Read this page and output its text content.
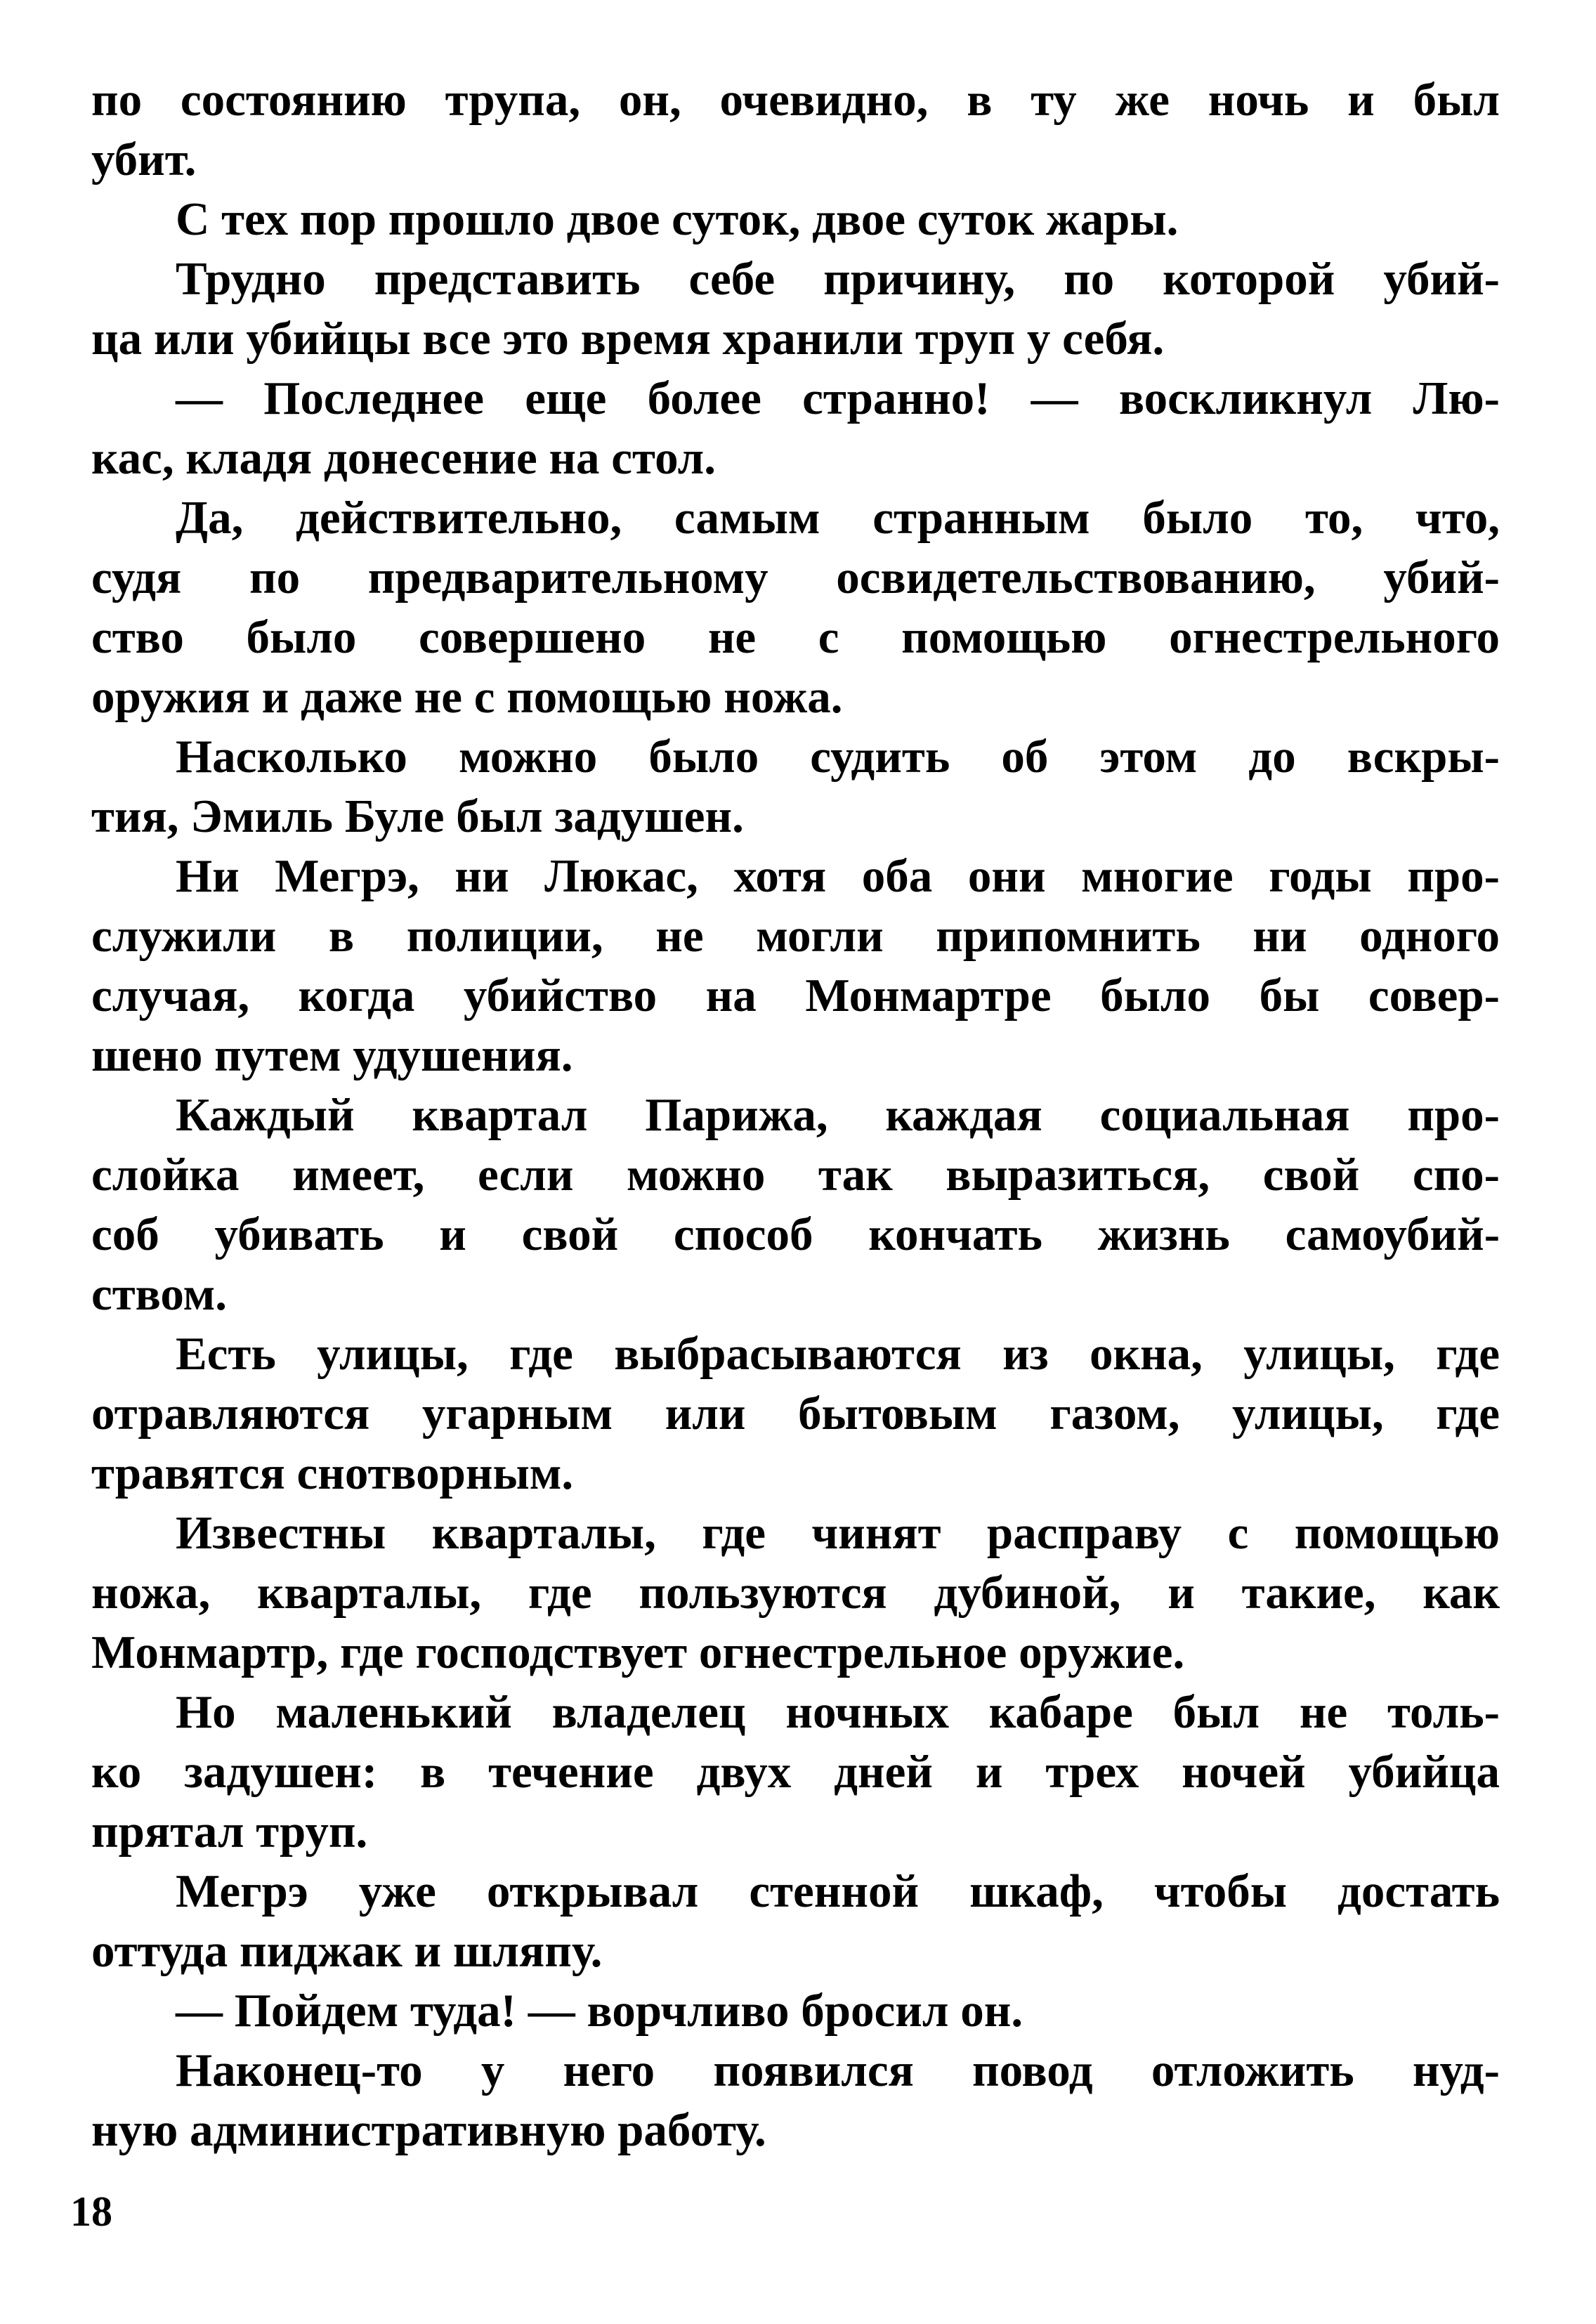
по состоянию трупа, он, очевидно, в ту же ночь и был
убит.
С тех пор прошло двое суток, двое суток жары.
Трудно представить себе причину, по которой убий-
ца или убийцы все это время хранили труп у себя.
— Последнее еще более странно! — воскликнул Лю-
кас, кладя донесение на стол.
Да, действительно, самым странным было то, что,
судя по предварительному освидетельствованию, убий-
ство было совершено не с помощью огнестрельного
оружия и даже не с помощью ножа.
Насколько можно было судить об этом до вскры-
тия, Эмиль Буле был задушен.
Ни Мегрэ, ни Люкас, хотя оба они многие годы про-
служили в полиции, не могли припомнить ни одного
случая, когда убийство на Монмартре было бы совер-
шено путем удушения.
Каждый квартал Парижа, каждая социальная про-
слойка имеет, если можно так выразиться, свой спо-
соб убивать и свой способ кончать жизнь самоубий-
ством.
Есть улицы, где выбрасываются из окна, улицы, где
отравляются угарным или бытовым газом, улицы, где
травятся снотворным.
Известны кварталы, где чинят расправу с помощью
ножа, кварталы, где пользуются дубиной, и такие, как
Монмартр, где господствует огнестрельное оружие.
Но маленький владелец ночных кабаре был не толь-
ко задушен: в течение двух дней и трех ночей убийца
прятал труп.
Мегрэ уже открывал стенной шкаф, чтобы достать
оттуда пиджак и шляпу.
— Пойдем туда! — ворчливо бросил он.
Наконец-то у него появился повод отложить нуд-
ную административную работу.
18
